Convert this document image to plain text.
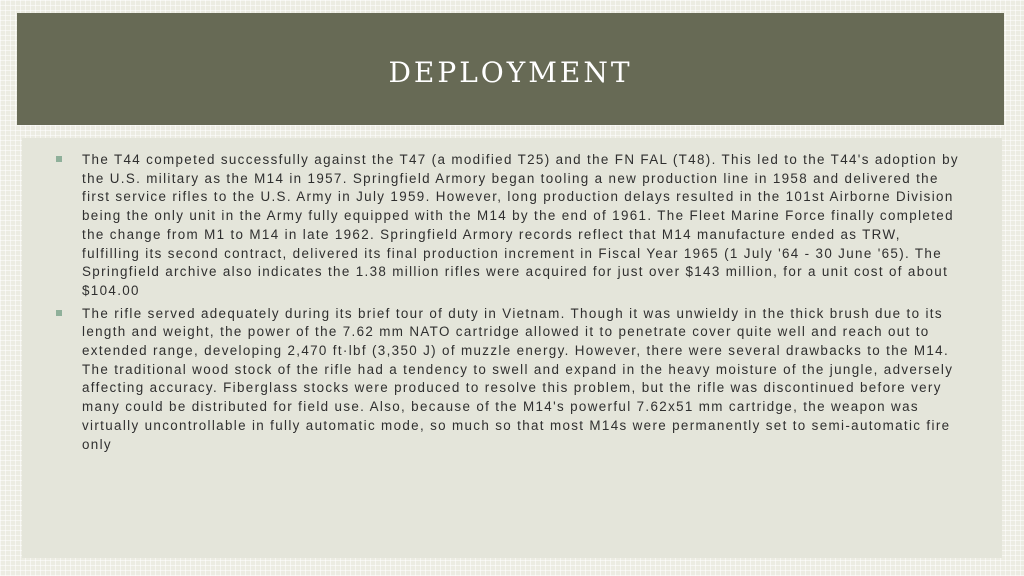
deployment
The T44 competed successfully against the T47 (a modified T25) and the FN FAL (T48). This led to the T44's adoption by the U.S. military as the M14 in 1957. Springfield Armory began tooling a new production line in 1958 and delivered the first service rifles to the U.S. Army in July 1959. However, long production delays resulted in the 101st Airborne Division being the only unit in the Army fully equipped with the M14 by the end of 1961. The Fleet Marine Force finally completed the change from M1 to M14 in late 1962. Springfield Armory records reflect that M14 manufacture ended as TRW, fulfilling its second contract, delivered its final production increment in Fiscal Year 1965 (1 July '64 - 30 June '65). The Springfield archive also indicates the 1.38 million rifles were acquired for just over $143 million, for a unit cost of about $104.00
The rifle served adequately during its brief tour of duty in Vietnam. Though it was unwieldy in the thick brush due to its length and weight, the power of the 7.62 mm NATO cartridge allowed it to penetrate cover quite well and reach out to extended range, developing 2,470 ft·lbf (3,350 J) of muzzle energy. However, there were several drawbacks to the M14. The traditional wood stock of the rifle had a tendency to swell and expand in the heavy moisture of the jungle, adversely affecting accuracy. Fiberglass stocks were produced to resolve this problem, but the rifle was discontinued before very many could be distributed for field use. Also, because of the M14's powerful 7.62x51 mm cartridge, the weapon was virtually uncontrollable in fully automatic mode, so much so that most M14s were permanently set to semi-automatic fire only
